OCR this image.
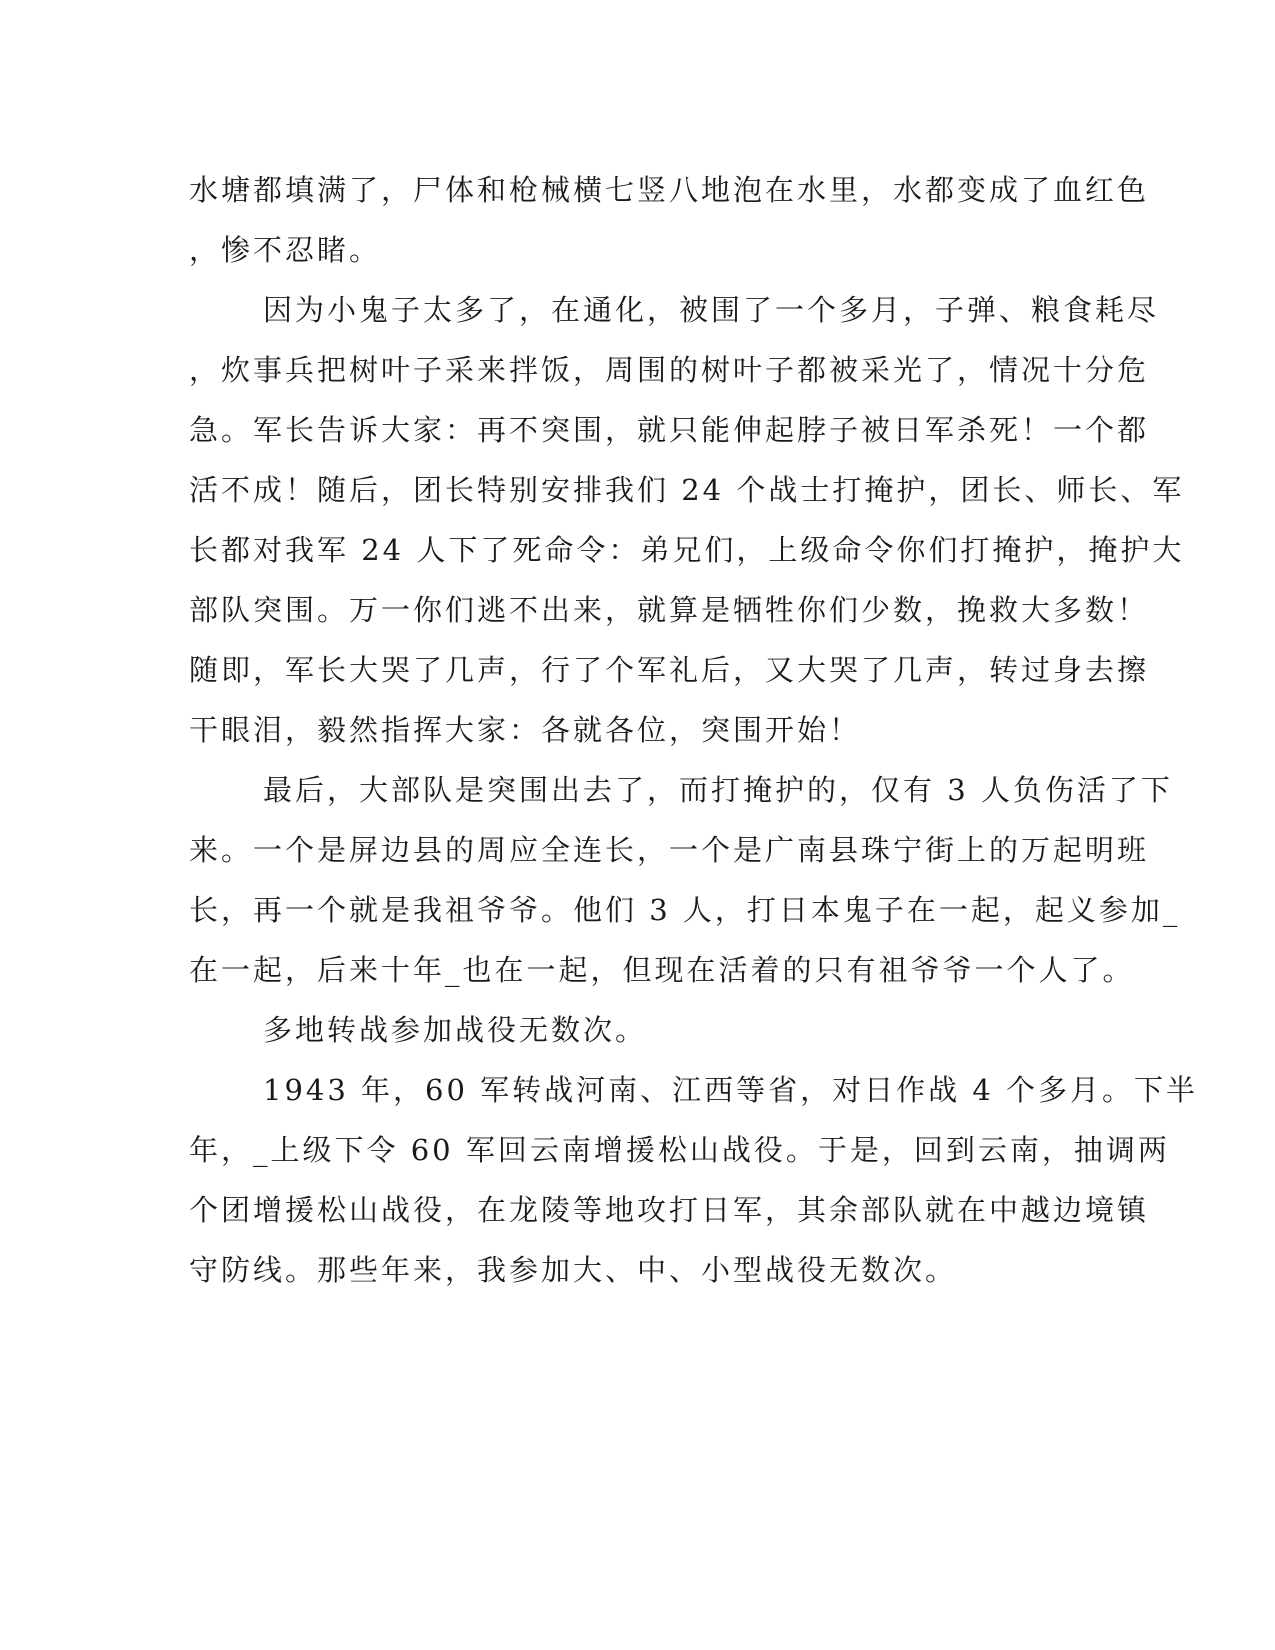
水塘都填满了，尸体和枪械横七竖八地泡在水里，水都变成了血红色
，惨不忍睹。
因为小鬼子太多了，在通化，被围了一个多月，子弹、粮食耗尽
，炊事兵把树叶子采来拌饭，周围的树叶子都被采光了，情况十分危
急。军长告诉大家：再不突围，就只能伸起脖子被日军杀死！一个都
活不成！随后，团长特别安排我们 24 个战士打掩护，团长、师长、军
长都对我军 24 人下了死命令：弟兄们，上级命令你们打掩护，掩护大
部队突围。万一你们逃不出来，就算是牺牲你们少数，挽救大多数！
随即，军长大哭了几声，行了个军礼后，又大哭了几声，转过身去擦
干眼泪，毅然指挥大家：各就各位，突围开始！
最后，大部队是突围出去了，而打掩护的，仅有 3 人负伤活了下
来。一个是屏边县的周应全连长，一个是广南县珠宁街上的万起明班
长，再一个就是我祖爷爷。他们 3 人，打日本鬼子在一起，起义参加_
在一起，后来十年_也在一起，但现在活着的只有祖爷爷一个人了。
多地转战参加战役无数次。
1943 年，60 军转战河南、江西等省，对日作战 4 个多月。下半
年，_上级下令 60 军回云南增援松山战役。于是，回到云南，抽调两
个团增援松山战役，在龙陵等地攻打日军，其余部队就在中越边境镇
守防线。那些年来，我参加大、中、小型战役无数次。
